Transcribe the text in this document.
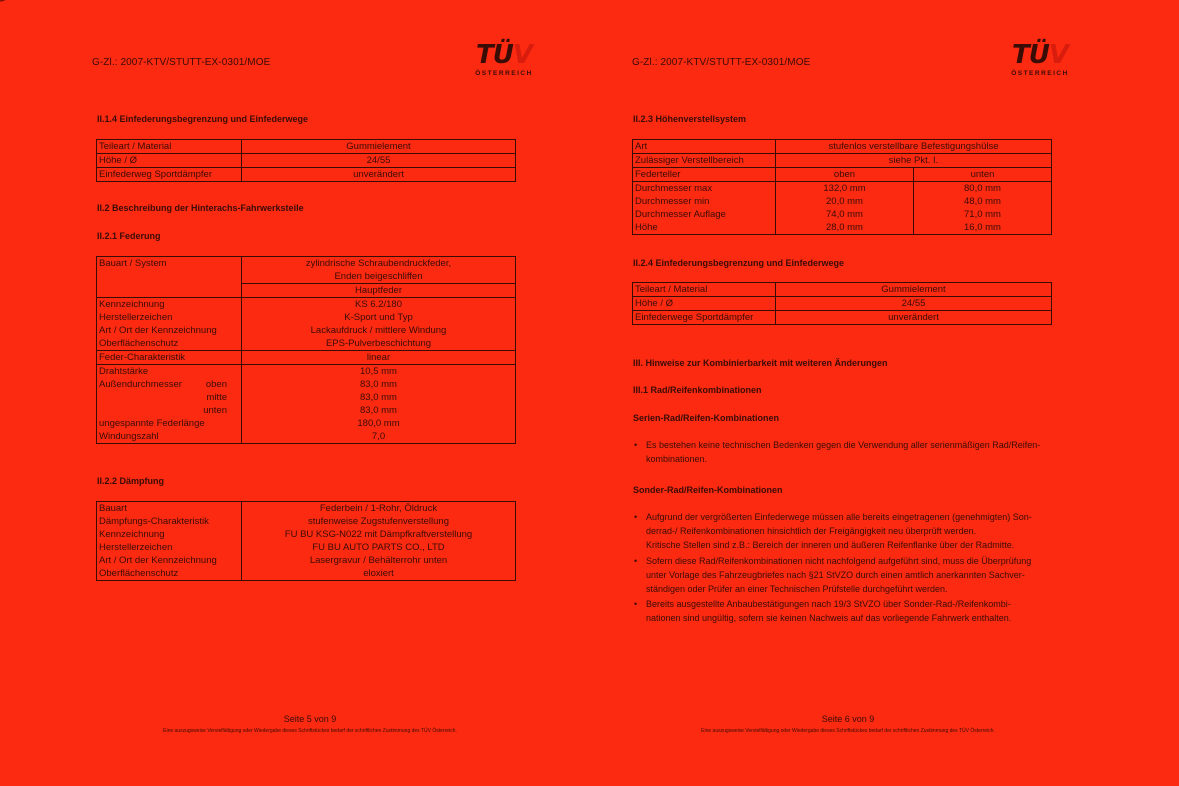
G-Zl.: 2007-KTV/STUTT-EX-0301/MOE	TÜV
ÖSTERREICH
II.1.4 Einfederungsbegrenzung und Einfederwege
Teileart / Material	Gummielement
Höhe / Ø	24/55
Einfederweg Sportdämpfer	unverändert
II.2 Beschreibung der Hinterachs-Fahrwerksteile
II.2.1 Federung
Bauart / System	zylindrische Schraubendruckfeder,
	Enden beigeschliffen
	Hauptfeder
Kennzeichnung	KS 6.2/180
Herstellerzeichen	K-Sport und Typ
Art / Ort der Kennzeichnung	Lackaufdruck / mittlere Windung
Oberflächenschutz	EPS-Pulverbeschichtung
Feder-Charakteristik	linear
Drahtstärke	10,5 mm
Außendurchmesser oben	83,0 mm
mitte	83,0 mm
unten	83,0 mm
ungespannte Federlänge	180,0 mm
Windungszahl	7,0
II.2.2 Dämpfung
Bauart	Federbein / 1-Rohr, Öldruck
Dämpfungs-Charakteristik	stufenweise Zugstufenverstellung
Kennzeichnung	FU BU KSG-N022 mit Dämpfkraftverstellung
Herstellerzeichen	FU BU AUTO PARTS CO., LTD
Art / Ort der Kennzeichnung	Lasergravur / Behälterrohr unten
Oberflächenschutz	eloxiert
Seite 5 von 9
Eine auszugsweise Vervielfältigung oder Wiedergabe dieses Schriftstückes bedarf der schriftlichen Zustimmung des TÜV Österreich.
G-Zl.: 2007-KTV/STUTT-EX-0301/MOE	TÜV
ÖSTERREICH
II.2.3 Höhenverstellsystem
Art	stufenlos verstellbare Befestigungshülse	
Zulässiger Verstellbereich	siehe Pkt. I.	
Federteller	oben	unten
Durchmesser max	132,0 mm	80,0 mm
Durchmesser min	20,0 mm	48,0 mm
Durchmesser Auflage	74,0 mm	71,0 mm
Höhe	28,0 mm	16,0 mm
II.2.4 Einfederungsbegrenzung und Einfederwege
Teileart / Material	Gummielement
Höhe / Ø	24/55
Einfederwege Sportdämpfer	unverändert
III. Hinweise zur Kombinierbarkeit mit weiteren Änderungen
III.1 Rad/Reifenkombinationen
Serien-Rad/Reifen-Kombinationen
• Es bestehen keine technischen Bedenken gegen die Verwendung aller serienmäßigen Rad/Reifen-
kombinationen.
Sonder-Rad/Reifen-Kombinationen
• Aufgrund der vergrößerten Einfederwege müssen alle bereits eingetragenen (genehmigten) Son-
derrad-/ Reifenkombinationen hinsichtlich der Freigängigkeit neu überprüft werden.
Kritische Stellen sind z.B.: Bereich der inneren und äußeren Reifenflanke über der Radmitte.
• Sofern diese Rad/Reifenkombinationen nicht nachfolgend aufgeführt sind, muss die Überprüfung
unter Vorlage des Fahrzeugbriefes nach §21 StVZO durch einen amtlich anerkannten Sachver-
ständigen oder Prüfer an einer Technischen Prüfstelle durchgeführt werden.
• Bereits ausgestellte Anbaubestätigungen nach 19/3 StVZO über Sonder-Rad-/Reifenkombi-
nationen sind ungültig, sofern sie keinen Nachweis auf das vorliegende Fahrwerk enthalten.
Seite 6 von 9
Eine auszugsweise Vervielfältigung oder Wiedergabe dieses Schriftstückes bedarf der schriftlichen Zustimmung des TÜV Österreich.
